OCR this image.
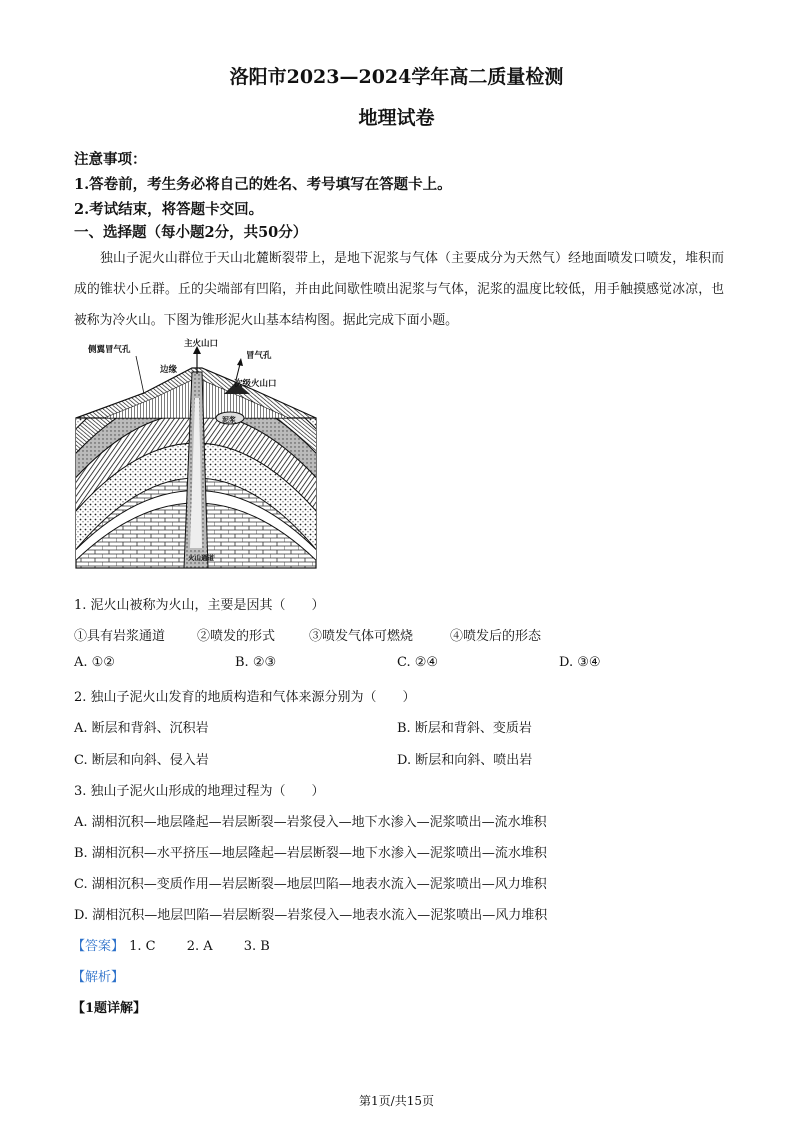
洛阳市2023—2024学年高二质量检测
地理试卷
注意事项：
1.答卷前，考生务必将自己的姓名、考号填写在答题卡上。
2.考试结束，将答题卡交回。
一、选择题（每小题2分，共50分）
独山子泥火山群位于天山北麓断裂带上，是地下泥浆与气体（主要成分为天然气）经地面喷发口喷发，堆积而成的锥状小丘群。丘的尖端部有凹陷，并由此间歇性喷出泥浆与气体，泥浆的温度比较低，用手触摸感觉冰凉，也被称为冷火山。下图为锥形泥火山基本结构图。据此完成下面小题。
侧翼冒气孔
主火山口
冒气孔
边缘
次级火山口
泥浆
火山通道
1. 泥火山被称为火山，主要是因其（　　）
①具有岩浆通道 ②喷发的形式	③喷发气体可燃烧	④喷发后的形态
A. ①②	B. ②③	C. ②④	D. ③④
2. 独山子泥火山发育的地质构造和气体来源分别为（　　）
A. 断层和背斜、沉积岩	B. 断层和背斜、变质岩
C. 断层和向斜、侵入岩	D. 断层和向斜、喷出岩
3. 独山子泥火山形成的地理过程为（　　）
A. 湖相沉积—地层隆起—岩层断裂—岩浆侵入—地下水渗入—泥浆喷出—流水堆积
B. 湖相沉积—水平挤压—地层隆起—岩层断裂—地下水渗入—泥浆喷出—流水堆积
C. 湖相沉积—变质作用—岩层断裂—地层凹陷—地表水流入—泥浆喷出—风力堆积
D. 湖相沉积—地层凹陷—岩层断裂—岩浆侵入—地表水流入—泥浆喷出—风力堆积
【答案】 1. C 2. A 3. B
【解析】
【1题详解】
第1页/共15页
